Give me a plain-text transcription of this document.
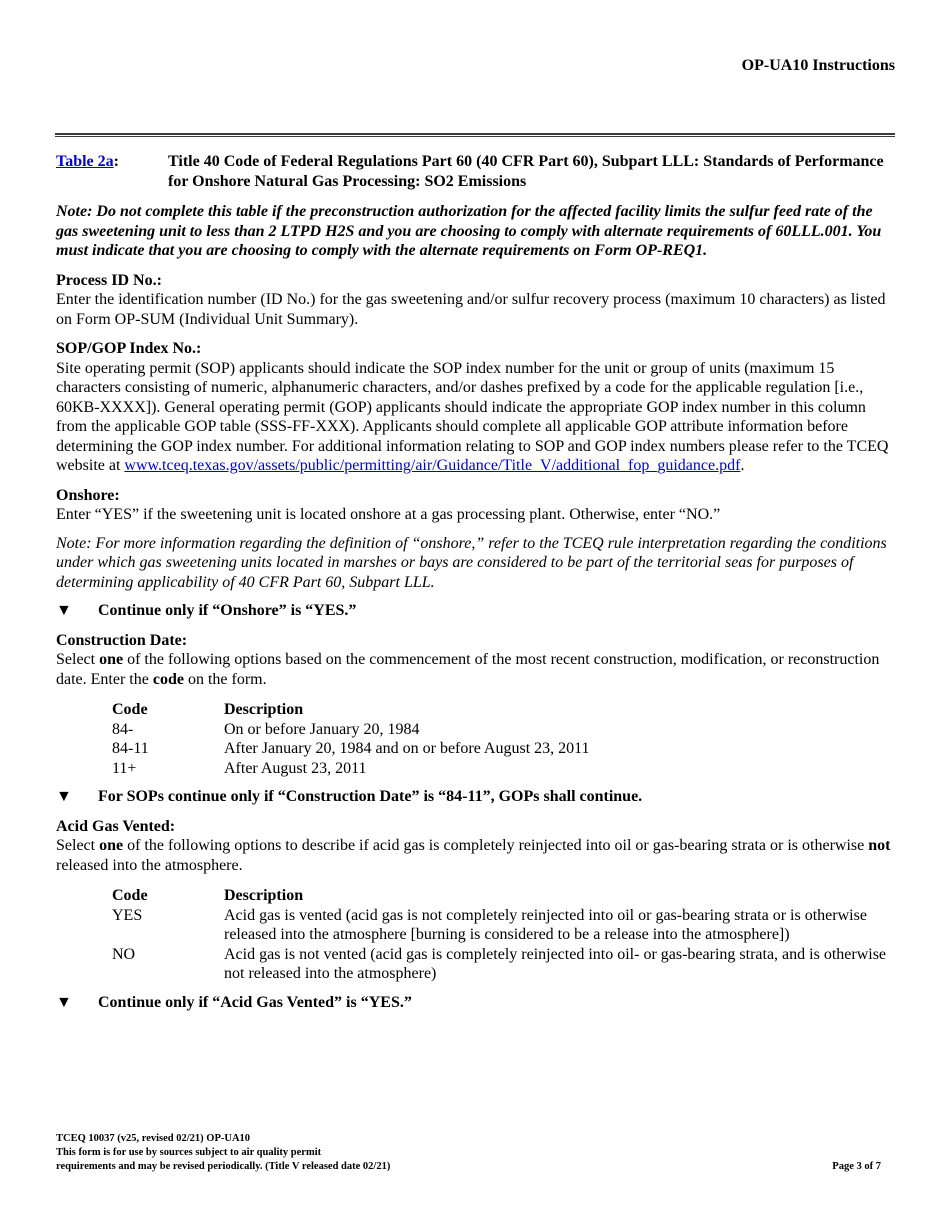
OP-UA10 Instructions
Table 2a:	Title 40 Code of Federal Regulations Part 60 (40 CFR Part 60), Subpart LLL: Standards of Performance for Onshore Natural Gas Processing: SO2 Emissions
Note: Do not complete this table if the preconstruction authorization for the affected facility limits the sulfur feed rate of the gas sweetening unit to less than 2 LTPD H2S and you are choosing to comply with alternate requirements of 60LLL.001. You must indicate that you are choosing to comply with the alternate requirements on Form OP-REQ1.
Process ID No.:
Enter the identification number (ID No.) for the gas sweetening and/or sulfur recovery process (maximum 10 characters) as listed on Form OP-SUM (Individual Unit Summary).
SOP/GOP Index No.:
Site operating permit (SOP) applicants should indicate the SOP index number for the unit or group of units (maximum 15 characters consisting of numeric, alphanumeric characters, and/or dashes prefixed by a code for the applicable regulation [i.e., 60KB-XXXX]). General operating permit (GOP) applicants should indicate the appropriate GOP index number in this column from the applicable GOP table (SSS-FF-XXX). Applicants should complete all applicable GOP attribute information before determining the GOP index number. For additional information relating to SOP and GOP index numbers please refer to the TCEQ website at www.tceq.texas.gov/assets/public/permitting/air/Guidance/Title_V/additional_fop_guidance.pdf.
Onshore:
Enter “YES” if the sweetening unit is located onshore at a gas processing plant. Otherwise, enter “NO.”
Note: For more information regarding the definition of “onshore,” refer to the TCEQ rule interpretation regarding the conditions under which gas sweetening units located in marshes or bays are considered to be part of the territorial seas for purposes of determining applicability of 40 CFR Part 60, Subpart LLL.
▼	Continue only if “Onshore” is “YES.”
Construction Date:
Select one of the following options based on the commencement of the most recent construction, modification, or reconstruction date. Enter the code on the form.
Code	Description
84-	On or before January 20, 1984
84-11	After January 20, 1984 and on or before August 23, 2011
11+	After August 23, 2011
▼	For SOPs continue only if “Construction Date” is “84-11”, GOPs shall continue.
Acid Gas Vented:
Select one of the following options to describe if acid gas is completely reinjected into oil or gas-bearing strata or is otherwise not released into the atmosphere.
Code	Description
YES	Acid gas is vented (acid gas is not completely reinjected into oil or gas-bearing strata or is otherwise released into the atmosphere [burning is considered to be a release into the atmosphere])
NO	Acid gas is not vented (acid gas is completely reinjected into oil- or gas-bearing strata, and is otherwise not released into the atmosphere)
▼	Continue only if “Acid Gas Vented” is “YES.”
TCEQ 10037 (v25, revised 02/21) OP-UA10
This form is for use by sources subject to air quality permit
requirements and may be revised periodically. (Title V released date 02/21)	Page 3 of 7
